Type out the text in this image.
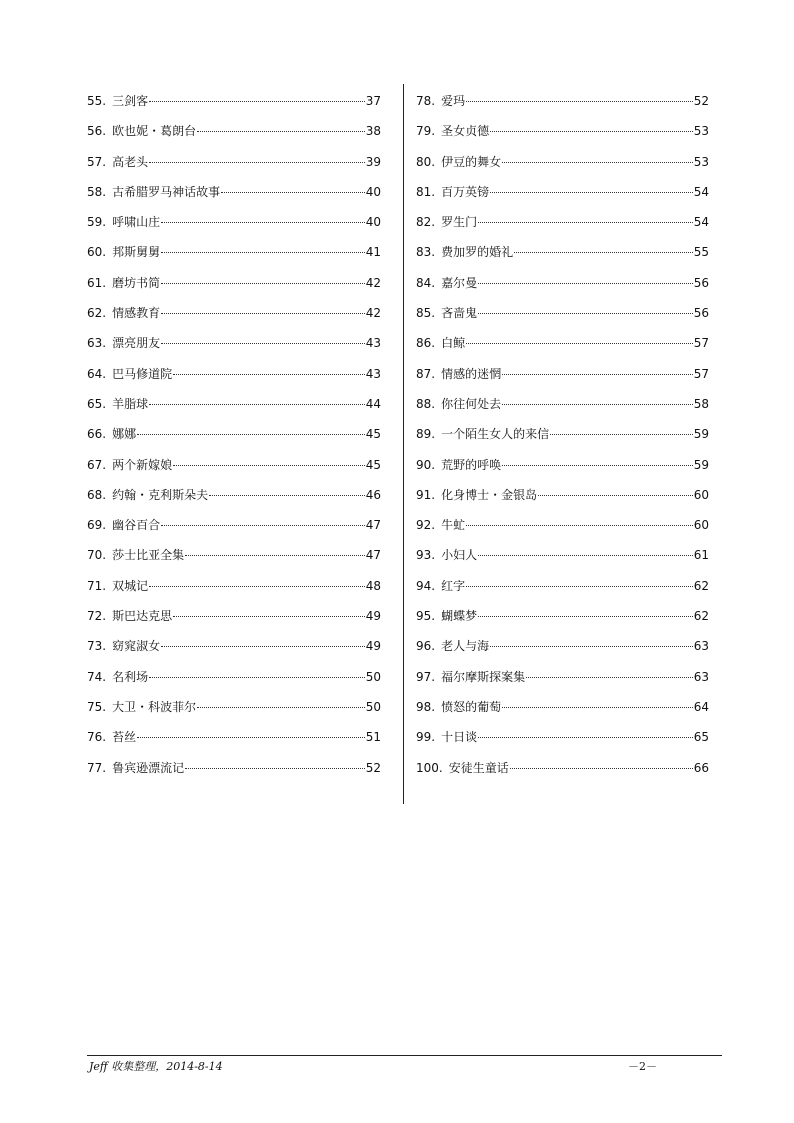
55. 三剑客	37
56. 欧也妮・葛朗台	38
57. 高老头	39
58. 古希腊罗马神话故事	40
59. 呼啸山庄	40
60. 邦斯舅舅	41
61. 磨坊书简	42
62. 情感教育	42
63. 漂亮朋友	43
64. 巴马修道院	43
65. 羊脂球	44
66. 娜娜	45
67. 两个新嫁娘	45
68. 约翰・克利斯朵夫	46
69. 幽谷百合	47
70. 莎士比亚全集	47
71. 双城记	48
72. 斯巴达克思	49
73. 窈窕淑女	49
74. 名利场	50
75. 大卫・科波菲尔	50
76. 苔丝	51
77. 鲁宾逊漂流记	52
78. 爱玛	52
79. 圣女贞德	53
80. 伊豆的舞女	53
81. 百万英镑	54
82. 罗生门	54
83. 费加罗的婚礼	55
84. 嘉尔曼	56
85. 吝啬鬼	56
86. 白鲸	57
87. 情感的迷惘	57
88. 你往何处去	58
89. 一个陌生女人的来信	59
90. 荒野的呼唤	59
91. 化身博士・金银岛	60
92. 牛虻	60
93. 小妇人	61
94. 红字	62
95. 蝴蝶梦	62
96. 老人与海	63
97. 福尔摩斯探案集	63
98. 愤怒的葡萄	64
99. 十日谈	65
100. 安徒生童话	66
Jeff 收集整理，2014-8-14	－2－
